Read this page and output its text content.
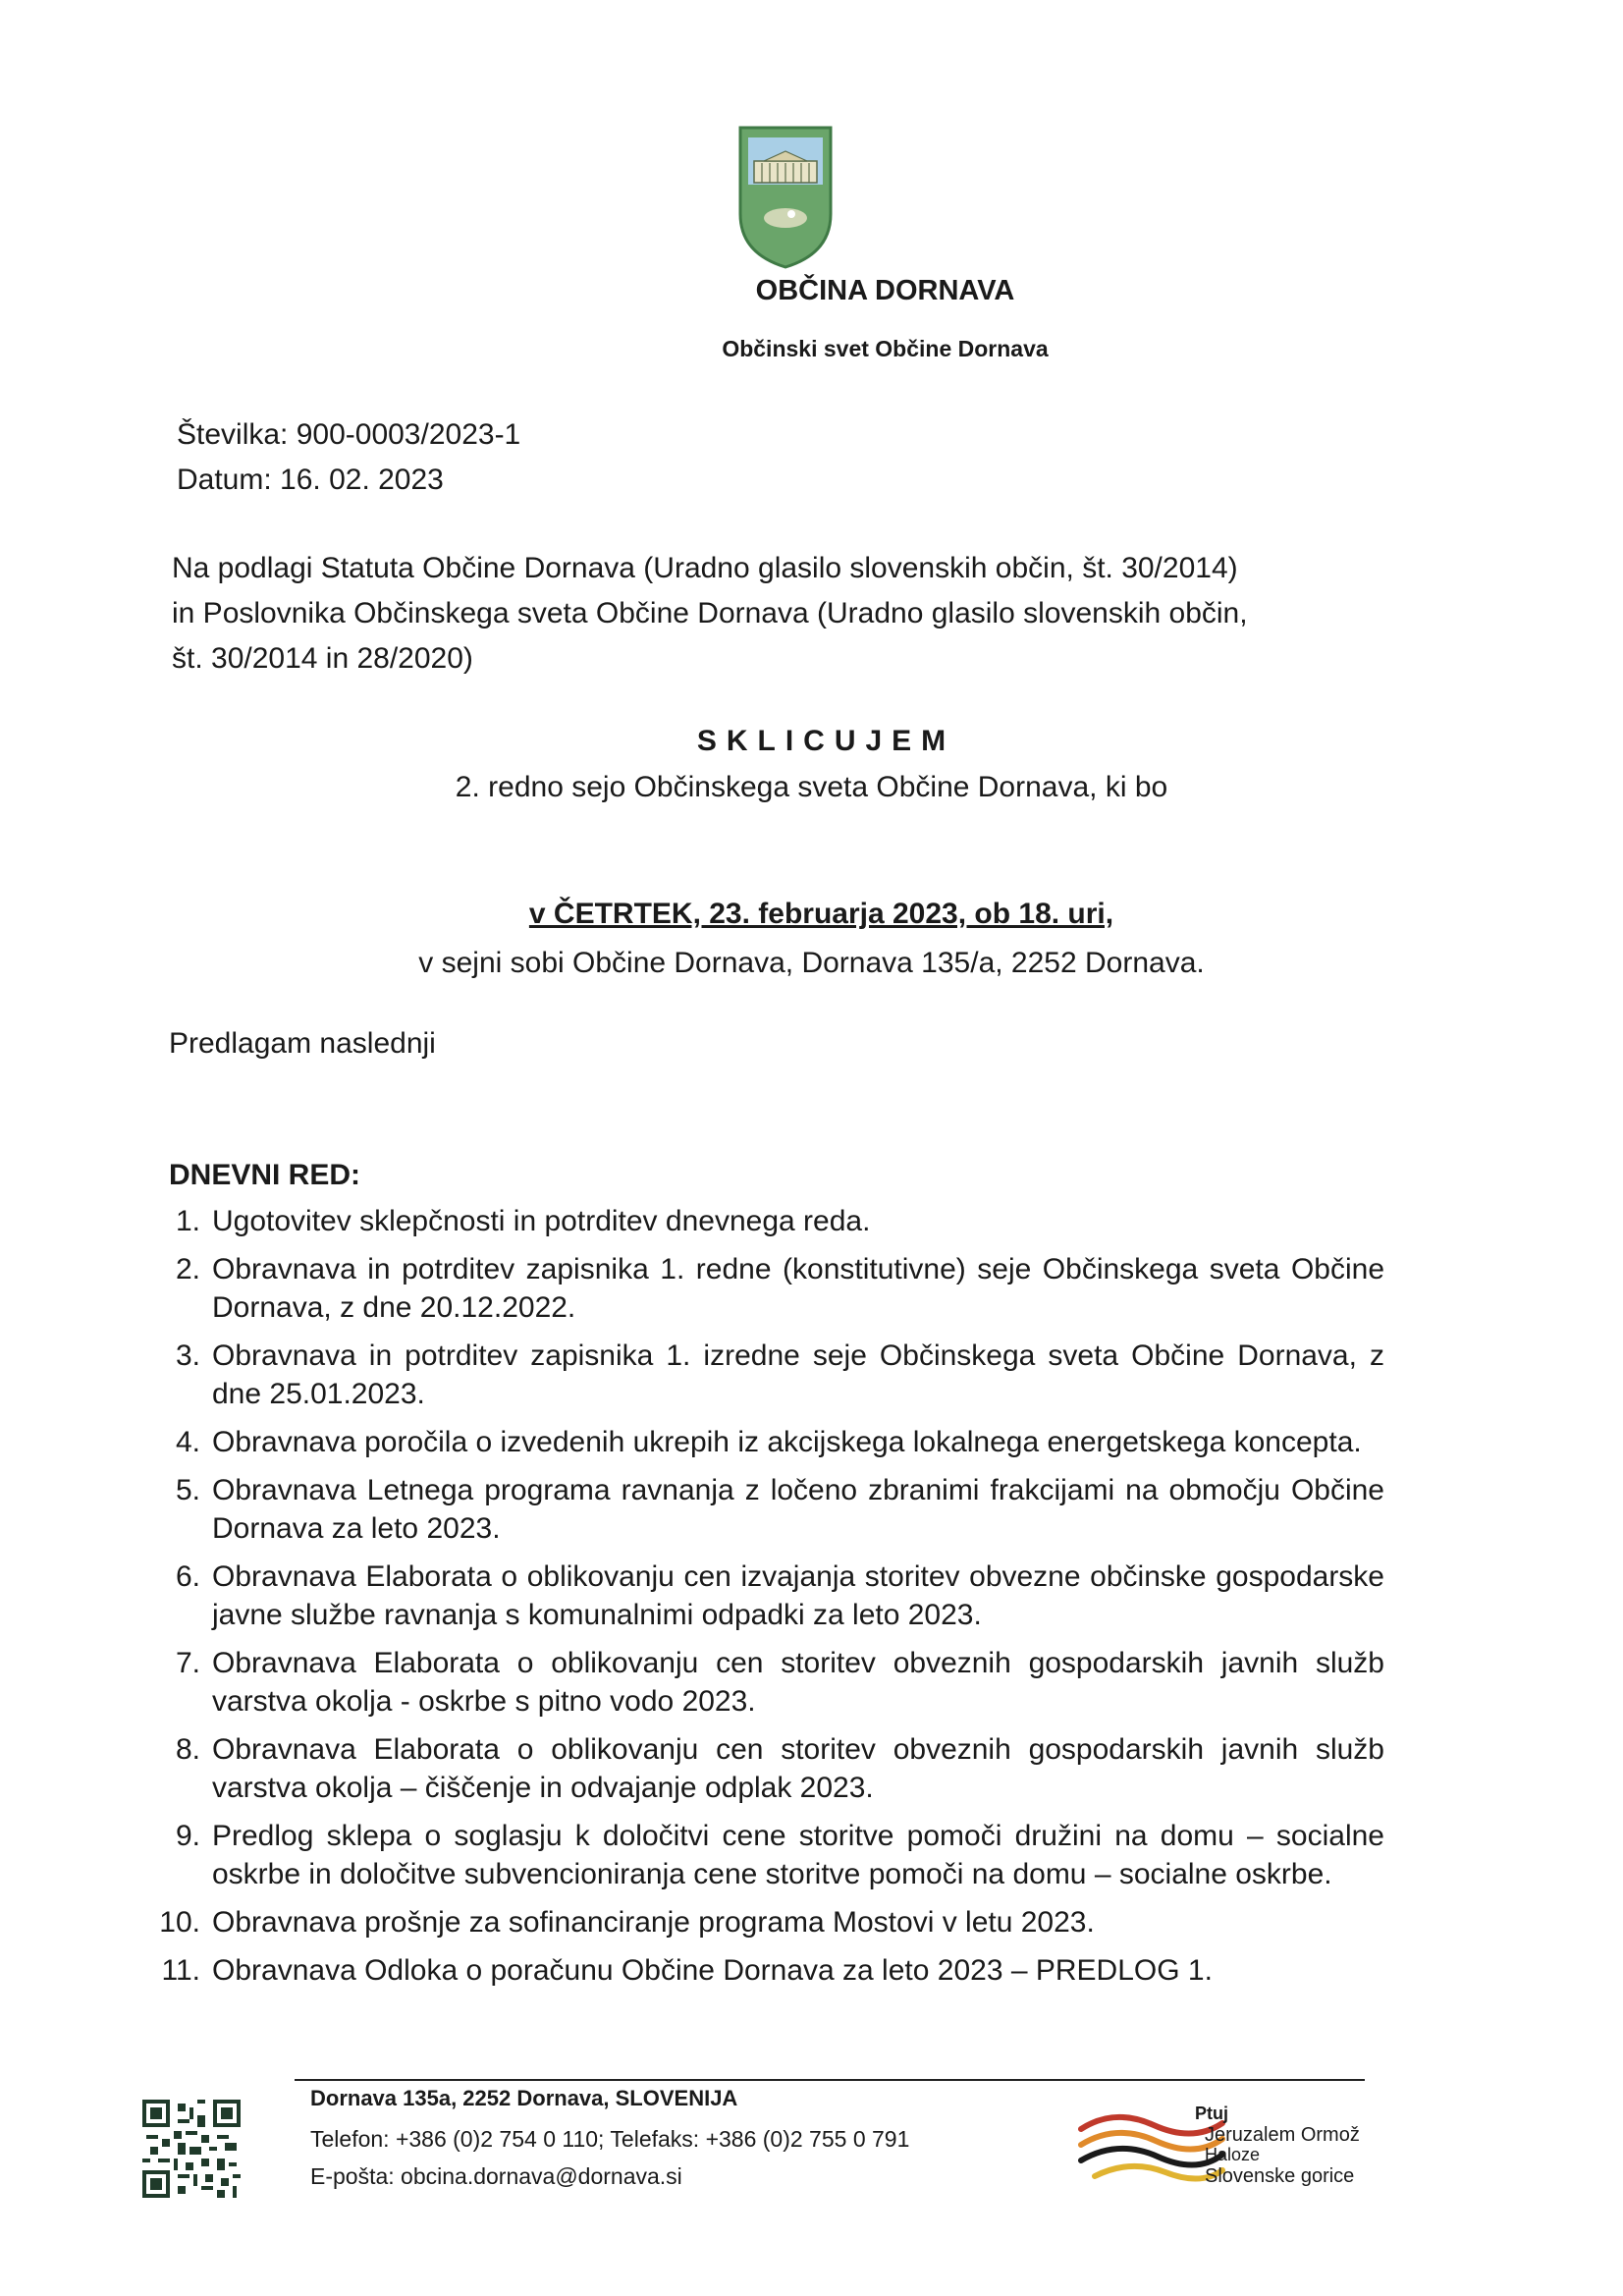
OBČINA DORNAVA
Občinski svet Občine Dornava
Številka: 900-0003/2023-1
Datum: 16. 02. 2023
Na podlagi Statuta Občine Dornava (Uradno glasilo slovenskih občin, št. 30/2014)
in Poslovnika Občinskega sveta Občine Dornava (Uradno glasilo slovenskih občin,
št. 30/2014 in 28/2020)
SKLICUJEM
2. redno sejo Občinskega sveta Občine Dornava, ki bo
v ČETRTEK, 23. februarja 2023, ob 18. uri,
v sejni sobi Občine Dornava, Dornava 135/a, 2252 Dornava.
Predlagam naslednji
DNEVNI RED:
1. Ugotovitev sklepčnosti in potrditev dnevnega reda.
2. Obravnava in potrditev zapisnika 1. redne (konstitutivne) seje Občinskega sveta Občine Dornava, z dne 20.12.2022.
3. Obravnava in potrditev zapisnika 1. izredne seje Občinskega sveta Občine Dornava, z dne 25.01.2023.
4. Obravnava poročila o izvedenih ukrepih iz akcijskega lokalnega energetskega koncepta.
5. Obravnava Letnega programa ravnanja z ločeno zbranimi frakcijami na območju Občine Dornava za leto 2023.
6. Obravnava Elaborata o oblikovanju cen izvajanja storitev obvezne občinske gospodarske javne službe ravnanja s komunalnimi odpadki za leto 2023.
7. Obravnava Elaborata o oblikovanju cen storitev obveznih gospodarskih javnih služb varstva okolja - oskrbe s pitno vodo 2023.
8. Obravnava Elaborata o oblikovanju cen storitev obveznih gospodarskih javnih služb varstva okolja – čiščenje in odvajanje odplak 2023.
9. Predlog sklepa o soglasju k določitvi cene storitve pomoči družini na domu – socialne oskrbe in določitve subvencioniranja cene storitve pomoči na domu – socialne oskrbe.
10. Obravnava prošnje za sofinanciranje programa Mostovi v letu 2023.
11. Obravnava Odloka o poračunu Občine Dornava za leto 2023 – PREDLOG 1.
Dornava 135a, 2252 Dornava, SLOVENIJA
Telefon: +386 (0)2 754 0 110; Telefaks: +386 (0)2 755 0 791
E-pošta: obcina.dornava@dornava.si
Ptuj
Jeruzalem Ormož
Haloze
Slovenske gorice
